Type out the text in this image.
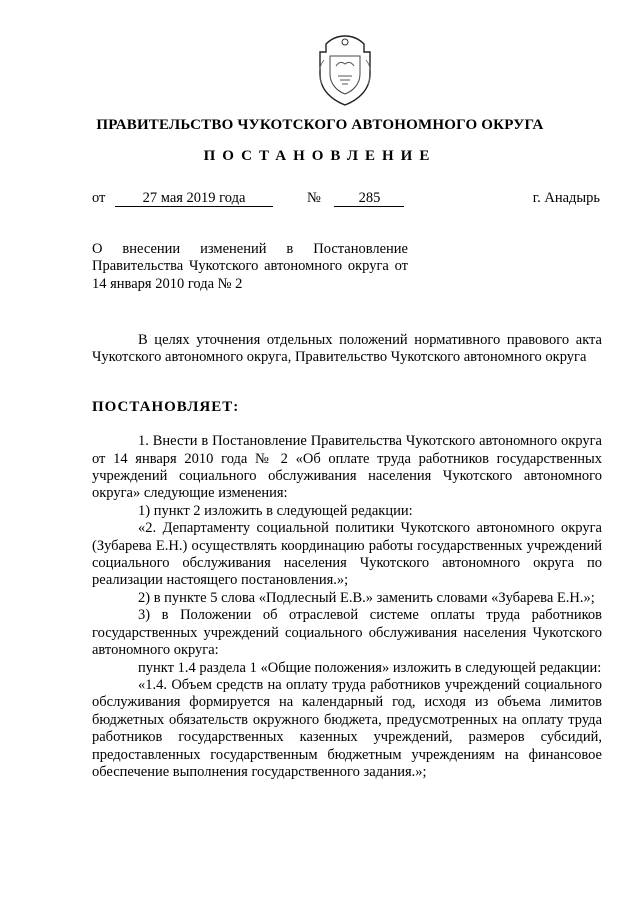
ПРАВИТЕЛЬСТВО ЧУКОТСКОГО АВТОНОМНОГО ОКРУГА
ПОСТАНОВЛЕНИЕ
от	27 мая 2019 года	№	285	г. Анадырь
О внесении изменений в Постановление Правительства Чукотского автономного округа от 14 января 2010 года № 2

В целях уточнения отдельных положений нормативного правового акта Чукотского автономного округа, Правительство Чукотского автономного округа

ПОСТАНОВЛЯЕТ:

1. Внести в Постановление Правительства Чукотского автономного округа от 14 января 2010 года № 2 «Об оплате труда работников государственных учреждений социального обслуживания населения Чукотского автономного округа» следующие изменения:

1) пункт 2 изложить в следующей редакции:

«2. Департаменту социальной политики Чукотского автономного округа (Зубарева Е.Н.) осуществлять координацию работы государственных учреждений социального обслуживания населения Чукотского автономного округа по реализации настоящего постановления.»;

2) в пункте 5 слова «Подлесный Е.В.» заменить словами «Зубарева Е.Н.»;

3) в Положении об отраслевой системе оплаты труда работников государственных учреждений социального обслуживания населения Чукотского автономного округа:

пункт 1.4 раздела 1 «Общие положения» изложить в следующей редакции:

«1.4. Объем средств на оплату труда работников учреждений социального обслуживания формируется на календарный год, исходя из объема лимитов бюджетных обязательств окружного бюджета, предусмотренных на оплату труда работников государственных казенных учреждений, размеров субсидий, предоставленных государственным бюджетным учреждениям на финансовое обеспечение выполнения государственного задания.»;
